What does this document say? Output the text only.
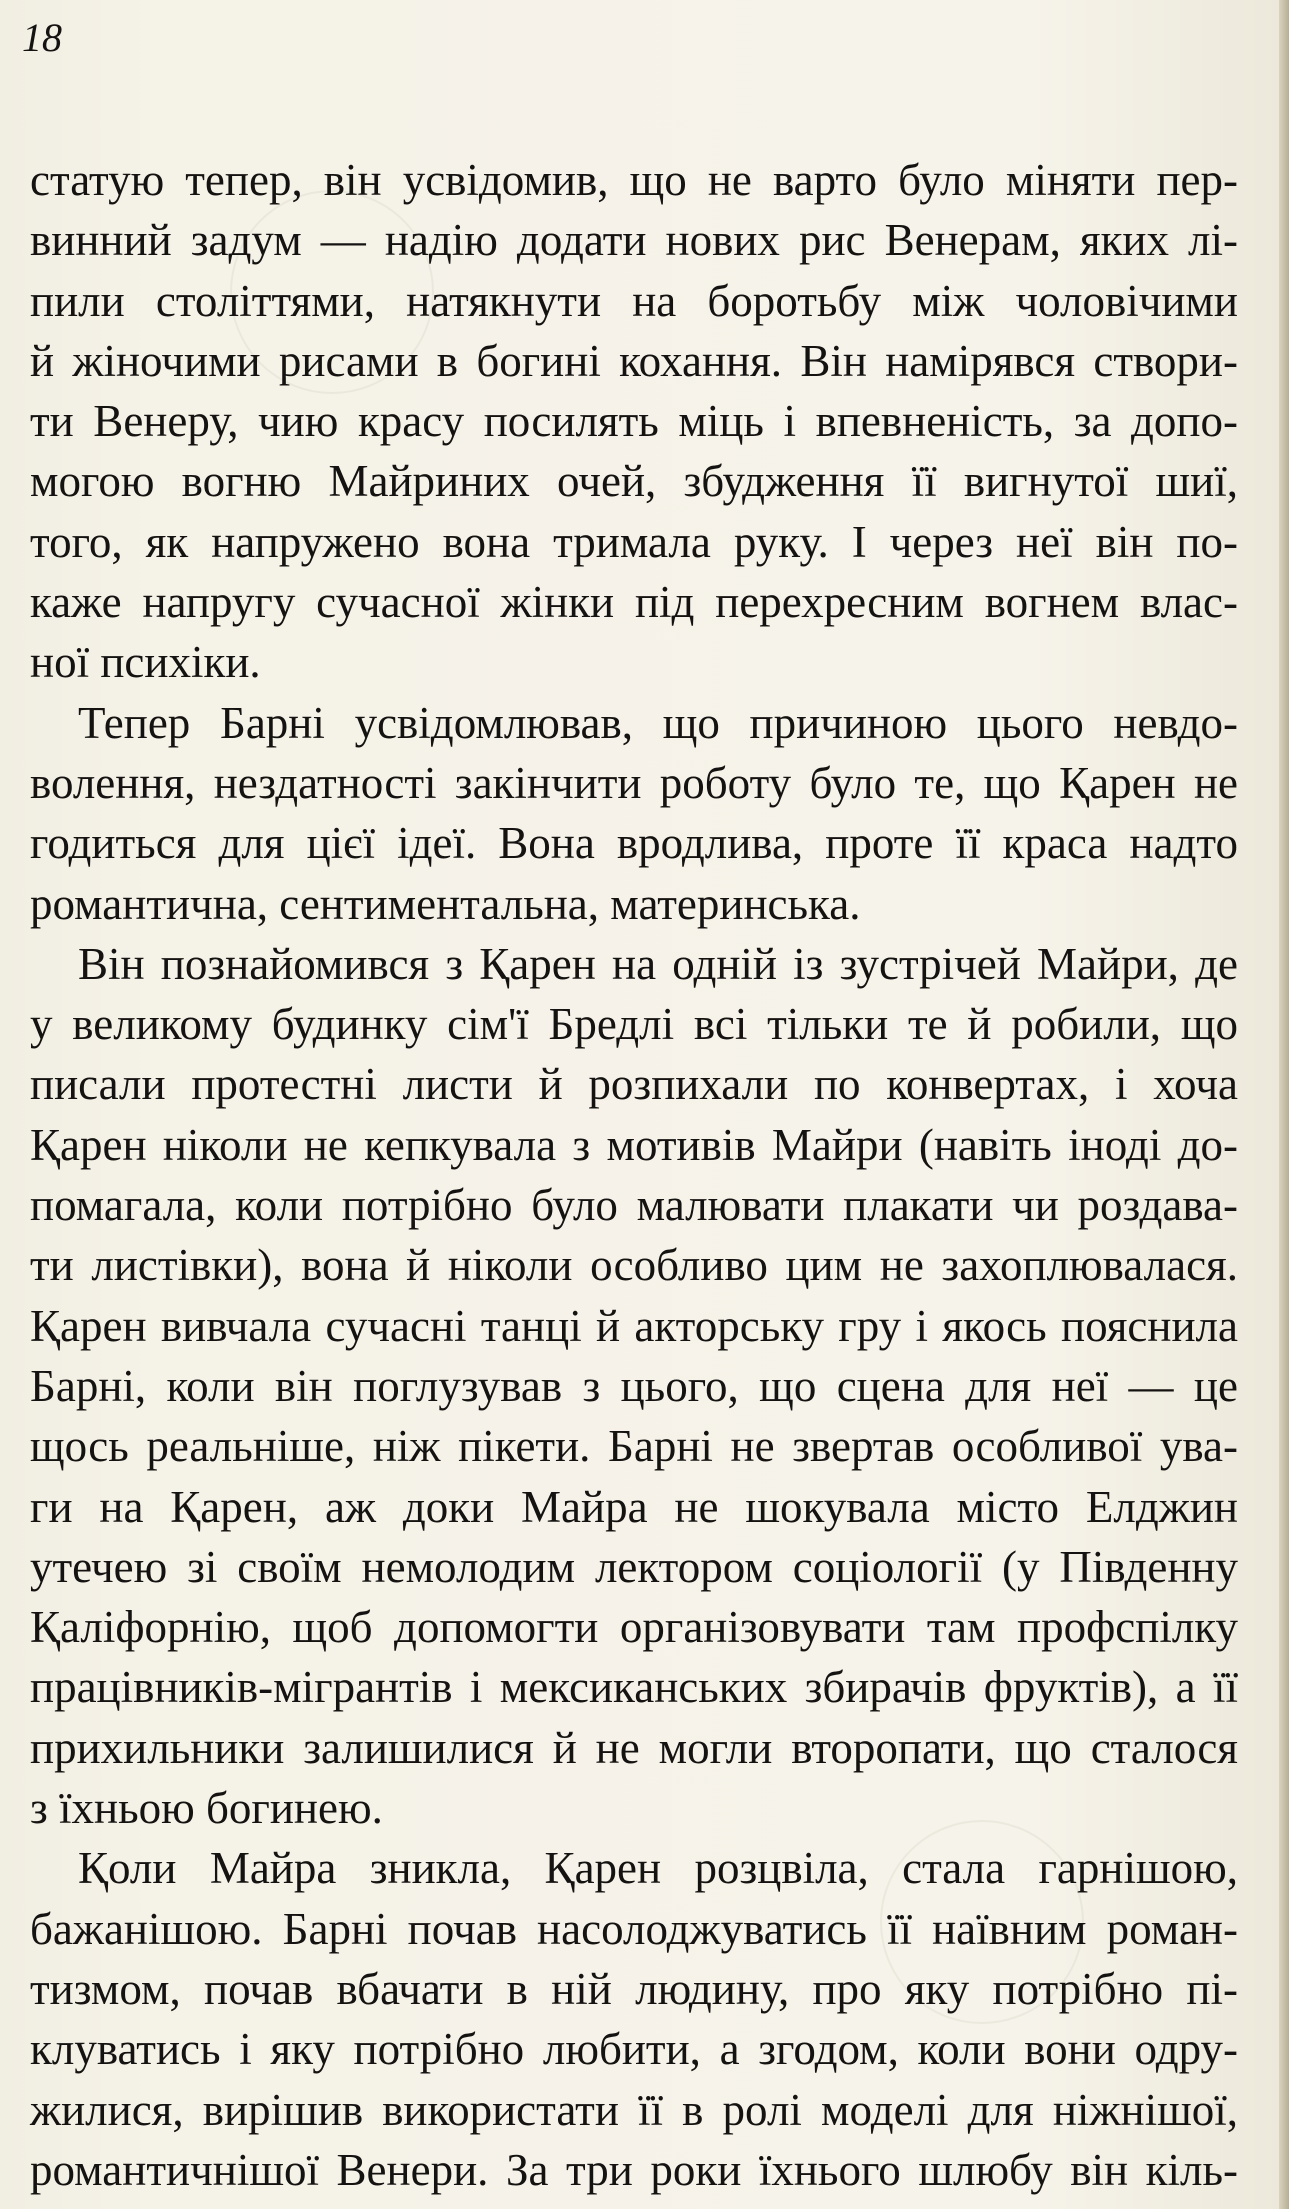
18
статую тепер, він усвідомив, що не варто було міняти пер-
винний задум — надію додати нових рис Венерам, яких лі-
пили століттями, натякнути на боротьбу між чоловічими
й жіночими рисами в богині кохання. Він намірявся створи-
ти Венеру, чию красу посилять міць і впевненість, за допо-
могою вогню Майриних очей, збудження її вигнутої шиї,
того, як напружено вона тримала руку. І через неї він по-
каже напругу сучасної жінки під перехресним вогнем влас-
ної психіки.
Тепер Барні усвідомлював, що причиною цього невдо-
волення, нездатності закінчити роботу було те, що Қарен не
годиться для цієї ідеї. Вона вродлива, проте її краса надто
романтична, сентиментальна, материнська.
Він познайомився з Қарен на одній із зустрічей Майри, де
у великому будинку сім'ї Бредлі всі тільки те й робили, що
писали протестні листи й розпихали по конвертах, і хоча
Қарен ніколи не кепкувала з мотивів Майри (навіть іноді до-
помагала, коли потрібно було малювати плакати чи роздава-
ти листівки), вона й ніколи особливо цим не захоплювалася.
Қарен вивчала сучасні танці й акторську гру і якось пояснила
Барні, коли він поглузував з цього, що сцена для неї — це
щось реальніше, ніж пікети. Барні не звертав особливої ува-
ги на Қарен, аж доки Майра не шокувала місто Елджин
утечею зі своїм немолодим лектором соціології (у Південну
Қаліфорнію, щоб допомогти організовувати там профспілку
працівників-мігрантів і мексиканських збирачів фруктів), а її
прихильники залишилися й не могли второпати, що сталося
з їхньою богинею.
Қоли Майра зникла, Қарен розцвіла, стала гарнішою,
бажанішою. Барні почав насолоджуватись її наївним роман-
тизмом, почав вбачати в ній людину, про яку потрібно пі-
клуватись і яку потрібно любити, а згодом, коли вони одру-
жилися, вирішив використати її в ролі моделі для ніжнішої,
романтичнішої Венери. За три роки їхнього шлюбу він кіль-
